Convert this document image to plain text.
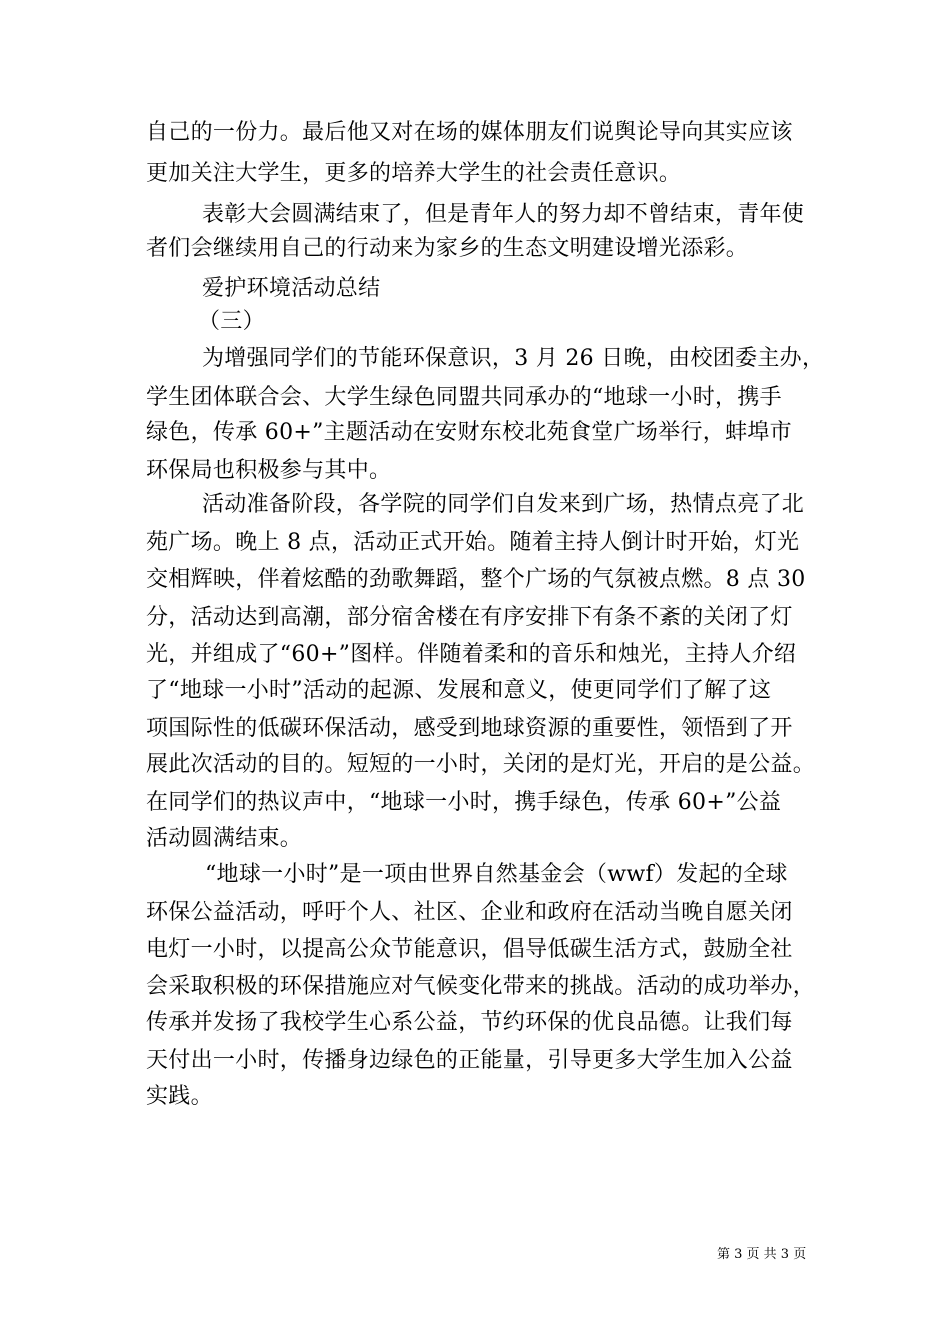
自己的一份力。最后他又对在场的媒体朋友们说舆论导向其实应该
更加关注大学生，更多的培养大学生的社会责任意识。
表彰大会圆满结束了，但是青年人的努力却不曾结束，青年使
者们会继续用自己的行动来为家乡的生态文明建设增光添彩。
爱护环境活动总结
（三）
为增强同学们的节能环保意识，3 月 26 日晚，由校团委主办，
学生团体联合会、大学生绿色同盟共同承办的“地球一小时，携手
绿色，传承 60+”主题活动在安财东校北苑食堂广场举行，蚌埠市
环保局也积极参与其中。
活动准备阶段，各学院的同学们自发来到广场，热情点亮了北
苑广场。晚上 8 点，活动正式开始。随着主持人倒计时开始，灯光
交相辉映，伴着炫酷的劲歌舞蹈，整个广场的气氛被点燃。8 点 30
分，活动达到高潮，部分宿舍楼在有序安排下有条不紊的关闭了灯
光，并组成了“60+”图样。伴随着柔和的音乐和烛光，主持人介绍
了“地球一小时”活动的起源、发展和意义，使更同学们了解了这
项国际性的低碳环保活动，感受到地球资源的重要性，领悟到了开
展此次活动的目的。短短的一小时，关闭的是灯光，开启的是公益。
在同学们的热议声中，“地球一小时，携手绿色，传承 60+”公益
活动圆满结束。
“地球一小时”是一项由世界自然基金会（wwf）发起的全球
环保公益活动，呼吁个人、社区、企业和政府在活动当晚自愿关闭
电灯一小时，以提高公众节能意识，倡导低碳生活方式，鼓励全社
会采取积极的环保措施应对气候变化带来的挑战。活动的成功举办，
传承并发扬了我校学生心系公益，节约环保的优良品德。让我们每
天付出一小时，传播身边绿色的正能量，引导更多大学生加入公益
实践。
第 3 页 共 3 页
